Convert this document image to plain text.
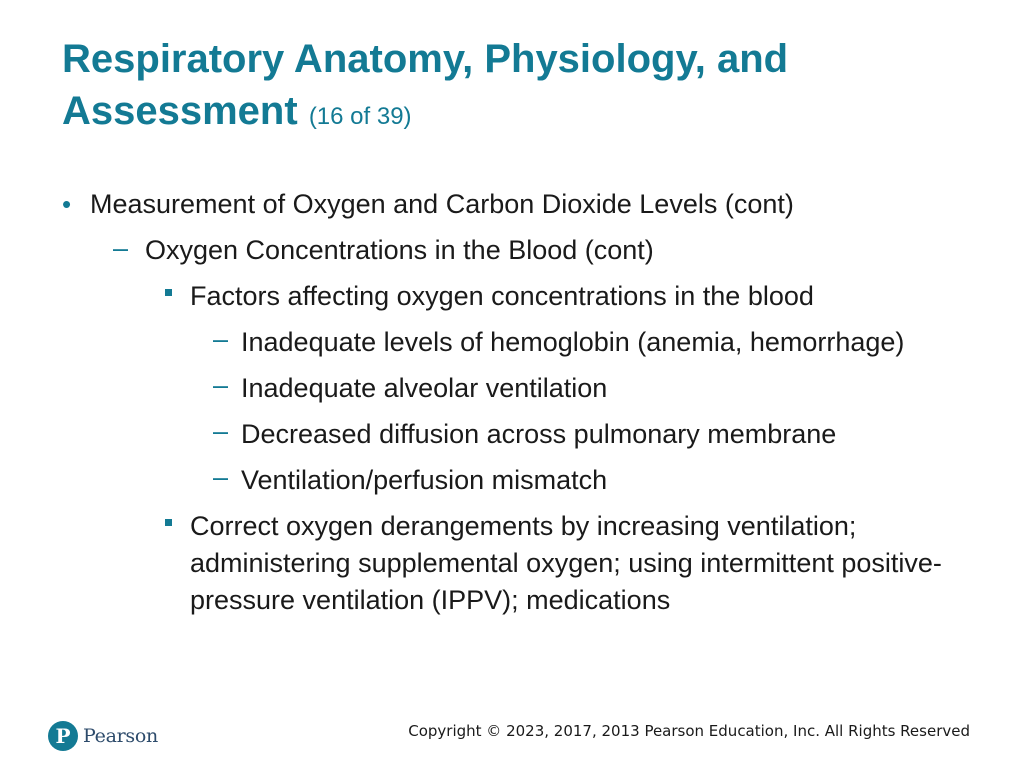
Respiratory Anatomy, Physiology, and Assessment (16 of 39)
• Measurement of Oxygen and Carbon Dioxide Levels (cont)
– Oxygen Concentrations in the Blood (cont)
Factors affecting oxygen concentrations in the blood
– Inadequate levels of hemoglobin (anemia, hemorrhage)
– Inadequate alveolar ventilation
– Decreased diffusion across pulmonary membrane
– Ventilation/perfusion mismatch
Correct oxygen derangements by increasing ventilation; administering supplemental oxygen; using intermittent positive-pressure ventilation (IPPV); medications
P Pearson	Copyright © 2023, 2017, 2013 Pearson Education, Inc. All Rights Reserved
